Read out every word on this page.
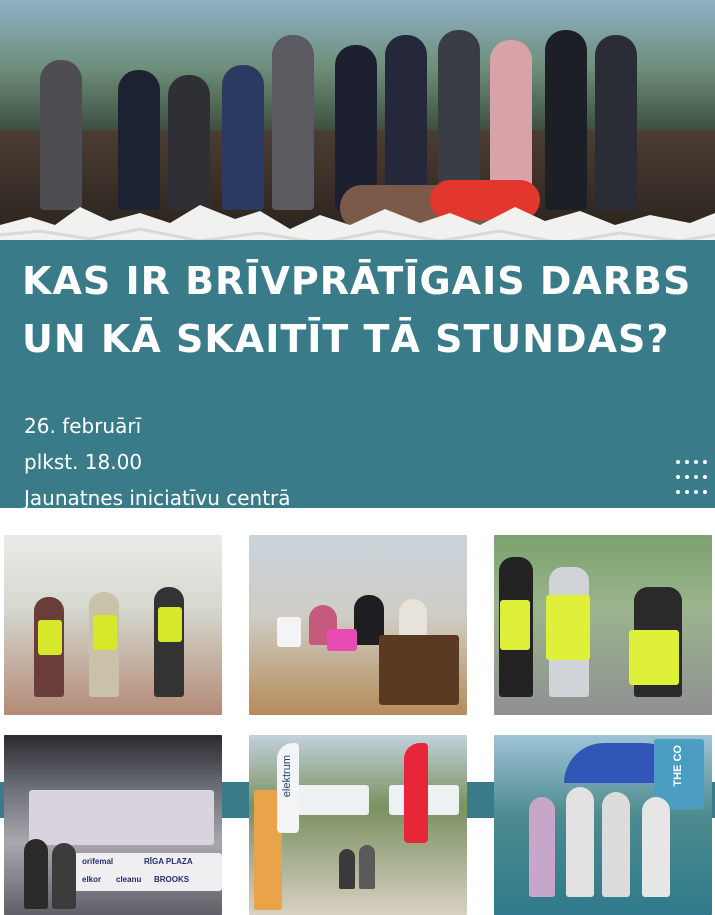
KAS IR BRĪVPRĀTĪGAIS DARBS
UN KĀ SKAITĪT TĀ STUNDAS?
26. februārī
plkst. 18.00
Jaunatnes iniciatīvu centrā
orifemal	RĪGA PLAZA
elkor cleanu BROOKS
elektrum	THE CO
